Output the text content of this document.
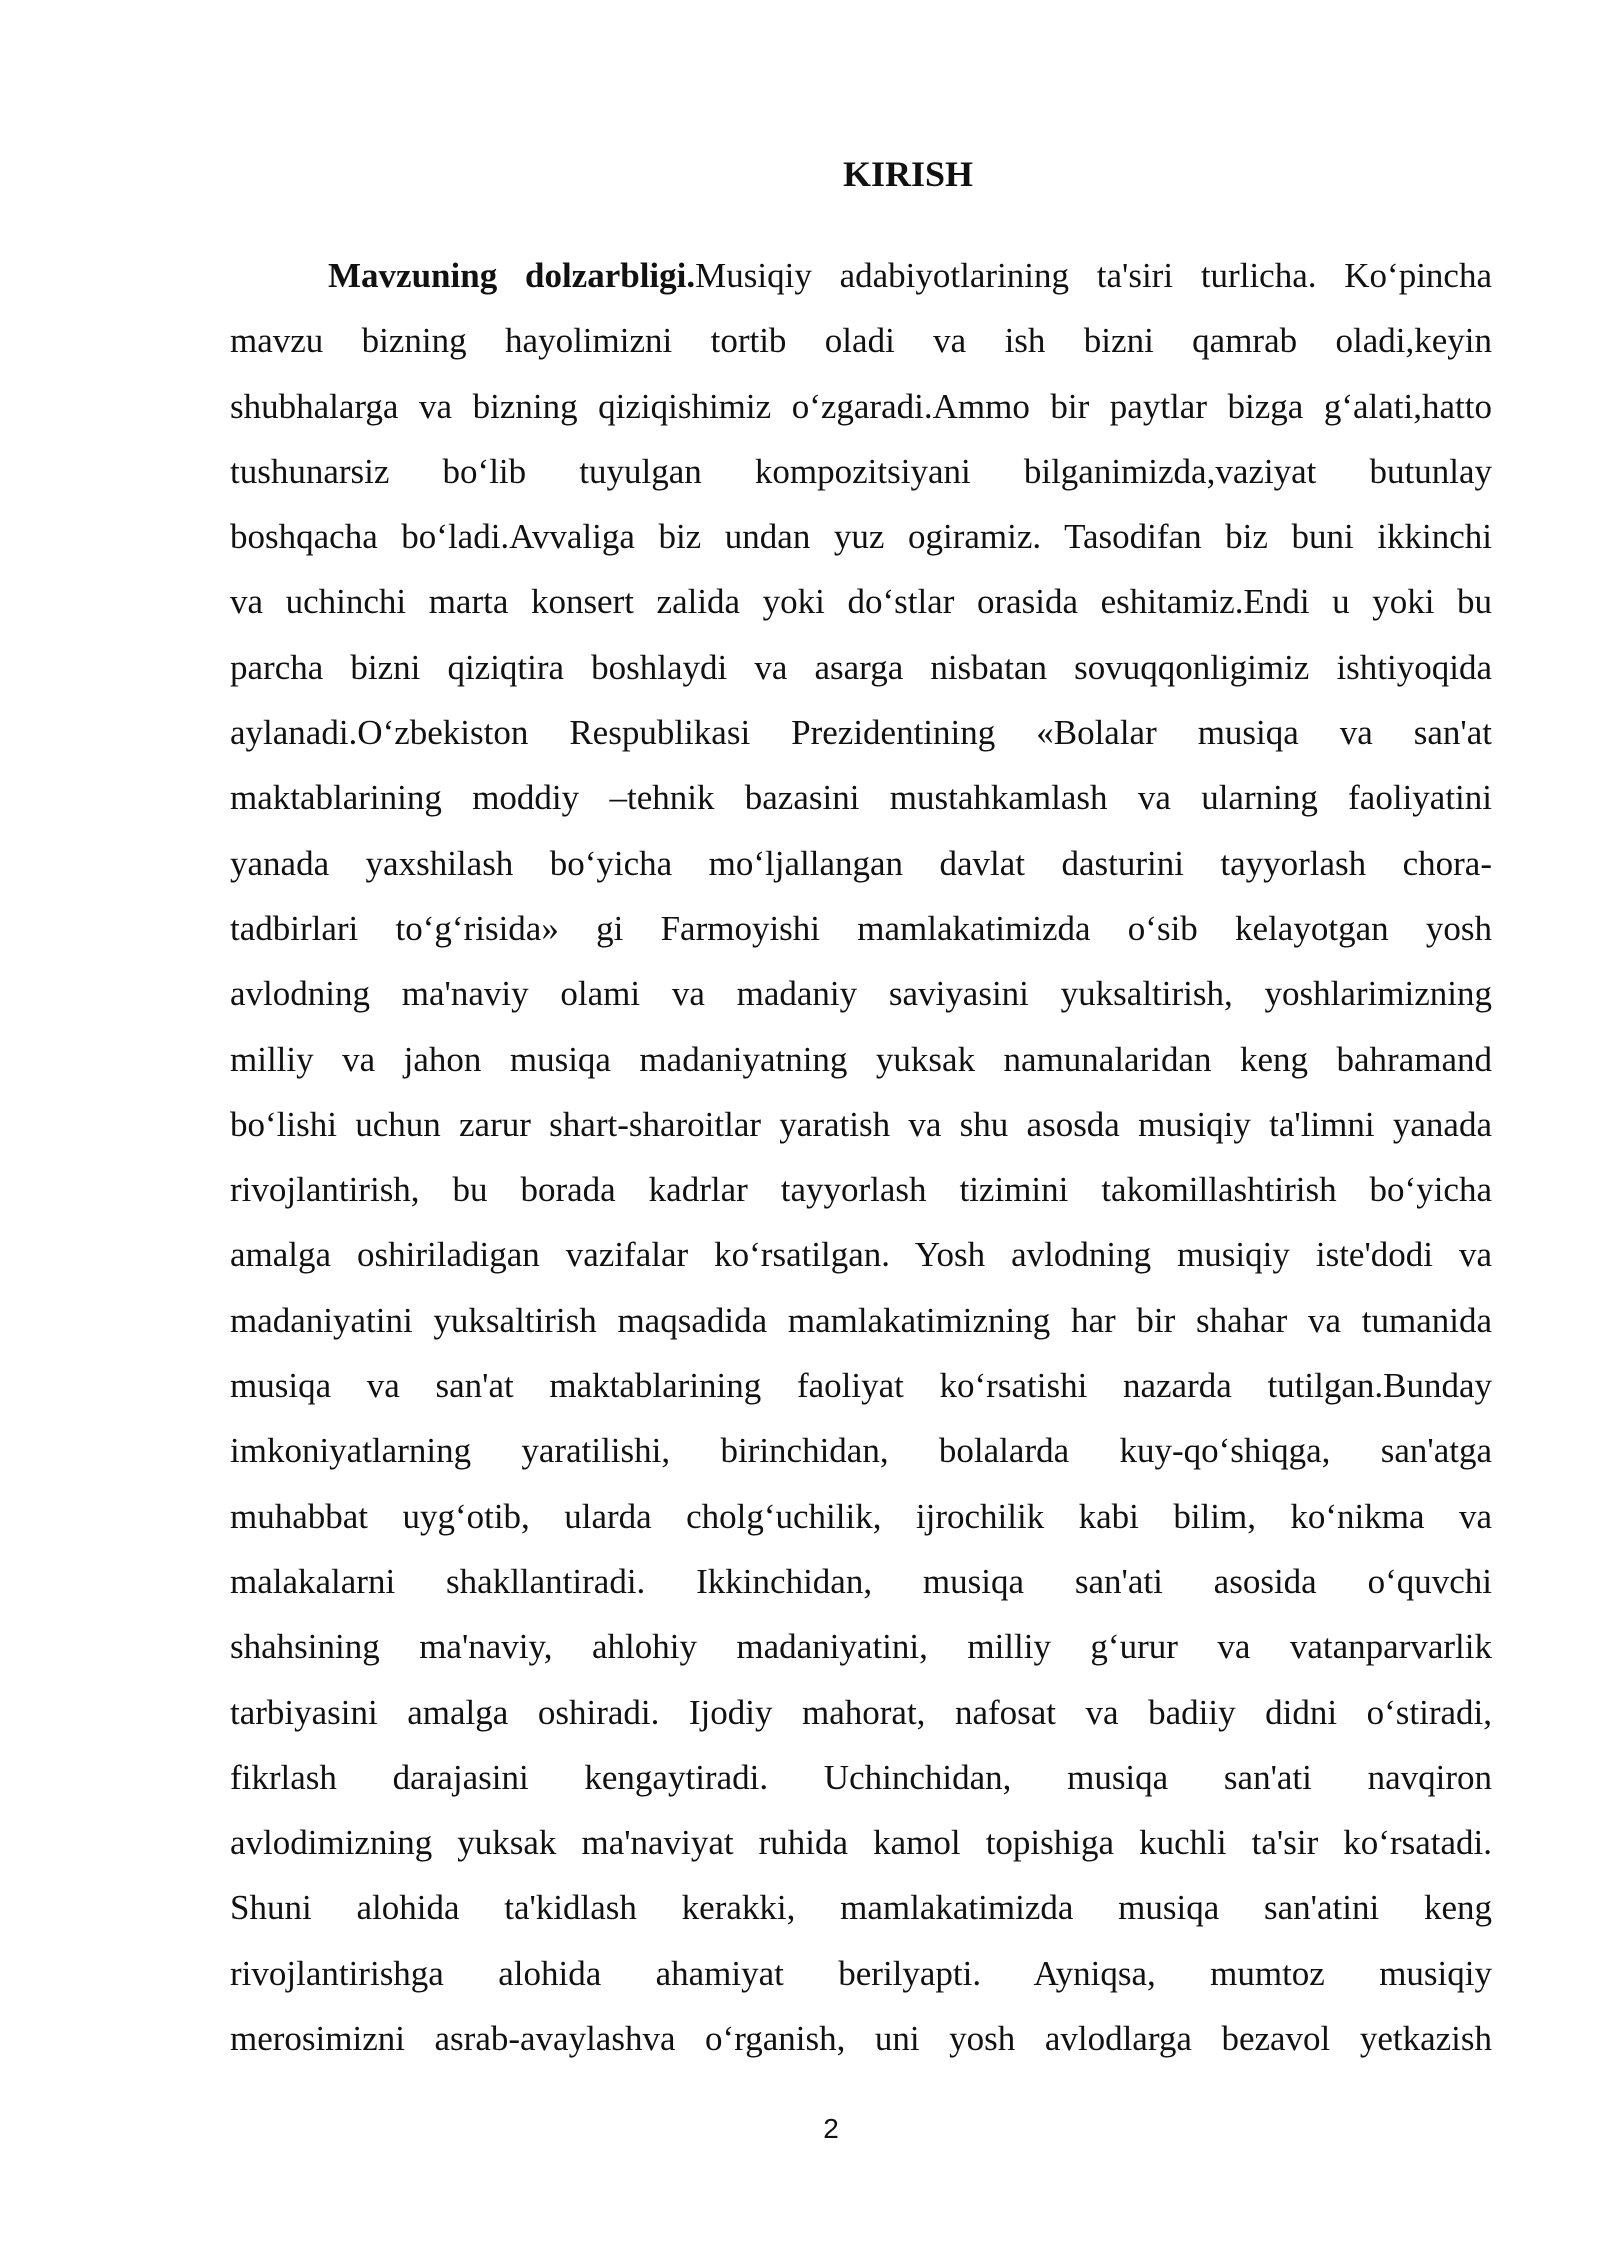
KIRISH
Mavzuning dolzarbligi.Musiqiy adabiyotlarining ta'siri turlicha. Ko‘pincha
mavzu bizning hayolimizni tortib oladi va ish bizni qamrab oladi,keyin
shubhalarga va bizning qiziqishimiz o‘zgaradi.Ammo bir paytlar bizga g‘alati,hatto
tushunarsiz bo‘lib tuyulgan kompozitsiyani bilganimizda,vaziyat butunlay
boshqacha bo‘ladi.Avvaliga biz undan yuz ogiramiz. Tasodifan biz buni ikkinchi
va uchinchi marta konsert zalida yoki do‘stlar orasida eshitamiz.Endi u yoki bu
parcha bizni qiziqtira boshlaydi va asarga nisbatan sovuqqonligimiz ishtiyoqida
aylanadi.O‘zbekiston Respublikasi Prezidentining «Bolalar musiqa va san'at
maktablarining moddiy –tehnik bazasini mustahkamlash va ularning faoliyatini
yanada yaxshilash bo‘yicha mo‘ljallangan davlat dasturini tayyorlash chora-
tadbirlari to‘g‘risida» gi Farmoyishi mamlakatimizda o‘sib kelayotgan yosh
avlodning ma'naviy olami va madaniy saviyasini yuksaltirish, yoshlarimizning
milliy va jahon musiqa madaniyatning yuksak namunalaridan keng bahramand
bo‘lishi uchun zarur shart-sharoitlar yaratish va shu asosda musiqiy ta'limni yanada
rivojlantirish, bu borada kadrlar tayyorlash tizimini takomillashtirish bo‘yicha
amalga oshiriladigan vazifalar ko‘rsatilgan. Yosh avlodning musiqiy iste'dodi va
madaniyatini yuksaltirish maqsadida mamlakatimizning har bir shahar va tumanida
musiqa va san'at maktablarining faoliyat ko‘rsatishi nazarda tutilgan.Bunday
imkoniyatlarning yaratilishi, birinchidan, bolalarda kuy-qo‘shiqga, san'atga
muhabbat uyg‘otib, ularda cholg‘uchilik, ijrochilik kabi bilim, ko‘nikma va
malakalarni shakllantiradi. Ikkinchidan, musiqa san'ati asosida o‘quvchi
shahsining ma'naviy, ahlohiy madaniyatini, milliy g‘urur va vatanparvarlik
tarbiyasini amalga oshiradi. Ijodiy mahorat, nafosat va badiiy didni o‘stiradi,
fikrlash darajasini kengaytiradi. Uchinchidan, musiqa san'ati navqiron
avlodimizning yuksak ma'naviyat ruhida kamol topishiga kuchli ta'sir ko‘rsatadi.
Shuni alohida ta'kidlash kerakki, mamlakatimizda musiqa san'atini keng
rivojlantirishga alohida ahamiyat berilyapti. Ayniqsa, mumtoz musiqiy
merosimizni asrab-avaylashva o‘rganish, uni yosh avlodlarga bezavol yetkazish
2
